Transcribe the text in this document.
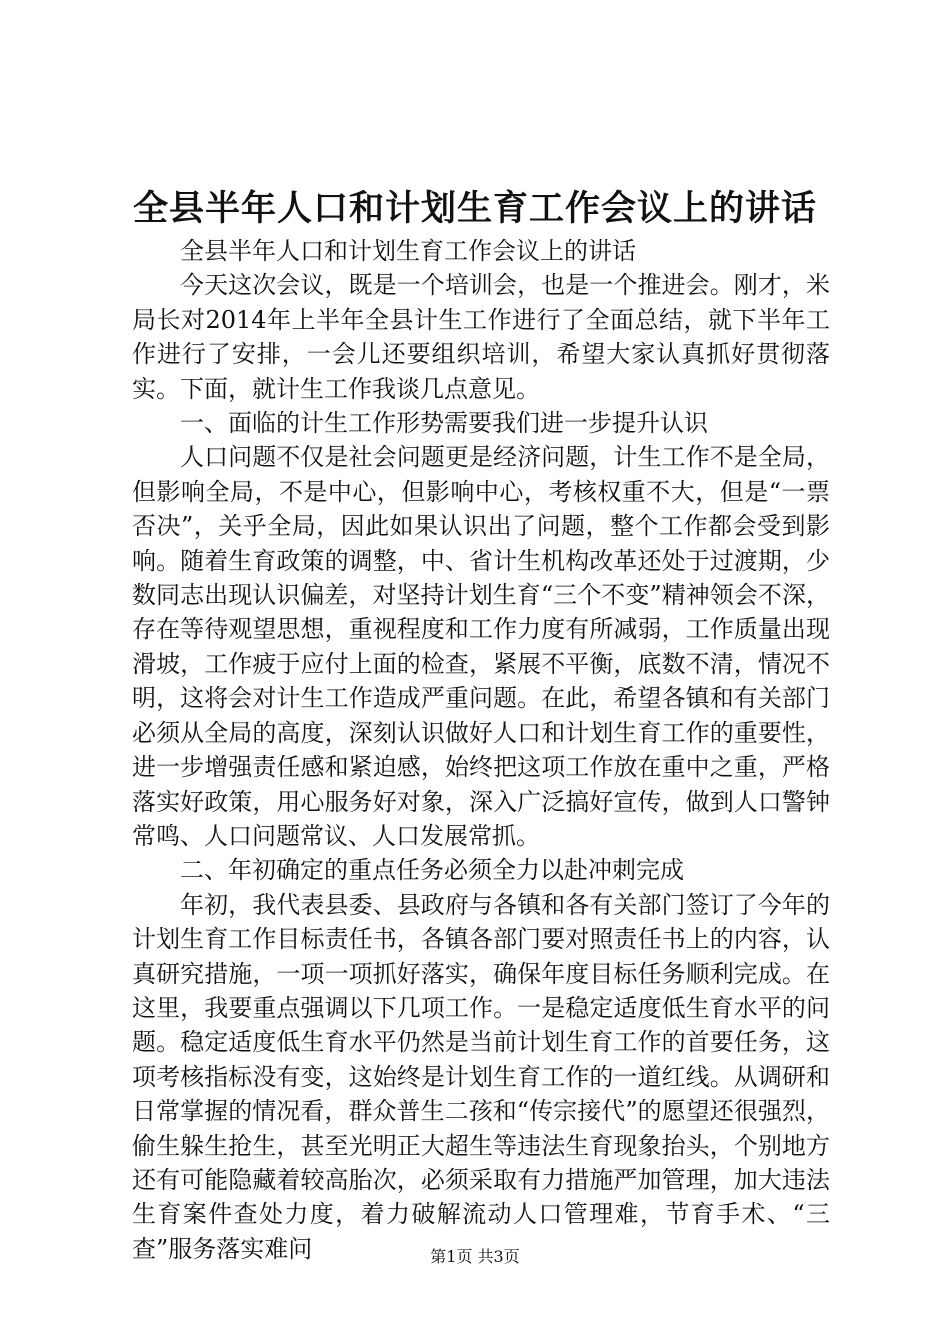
全县半年人口和计划生育工作会议上的讲话

全县半年人口和计划生育工作会议上的讲话

今天这次会议，既是一个培训会，也是一个推进会。刚才，米局长对2014年上半年全县计生工作进行了全面总结，就下半年工作进行了安排，一会儿还要组织培训，希望大家认真抓好贯彻落实。下面，就计生工作我谈几点意见。

一、面临的计生工作形势需要我们进一步提升认识

人口问题不仅是社会问题更是经济问题，计生工作不是全局，但影响全局，不是中心，但影响中心，考核权重不大，但是“一票否决”，关乎全局，因此如果认识出了问题，整个工作都会受到影响。随着生育政策的调整，中、省计生机构改革还处于过渡期，少数同志出现认识偏差，对坚持计划生育“三个不变”精神领会不深，存在等待观望思想，重视程度和工作力度有所减弱，工作质量出现滑坡，工作疲于应付上面的检查，紧展不平衡，底数不清，情况不明，这将会对计生工作造成严重问题。在此，希望各镇和有关部门必须从全局的高度，深刻认识做好人口和计划生育工作的重要性，进一步增强责任感和紧迫感，始终把这项工作放在重中之重，严格落实好政策，用心服务好对象，深入广泛搞好宣传，做到人口警钟常鸣、人口问题常议、人口发展常抓。

二、年初确定的重点任务必须全力以赴冲刺完成

年初，我代表县委、县政府与各镇和各有关部门签订了今年的计划生育工作目标责任书，各镇各部门要对照责任书上的内容，认真研究措施，一项一项抓好落实，确保年度目标任务顺利完成。在这里，我要重点强调以下几项工作。一是稳定适度低生育水平的问题。稳定适度低生育水平仍然是当前计划生育工作的首要任务，这项考核指标没有变，这始终是计划生育工作的一道红线。从调研和日常掌握的情况看，群众普生二孩和“传宗接代”的愿望还很强烈，偷生躲生抢生，甚至光明正大超生等违法生育现象抬头，个别地方还有可能隐藏着较高胎次，必须采取有力措施严加管理，加大违法生育案件查处力度，着力破解流动人口管理难，节育手术、“三查”服务落实难问	第1页 共3页
